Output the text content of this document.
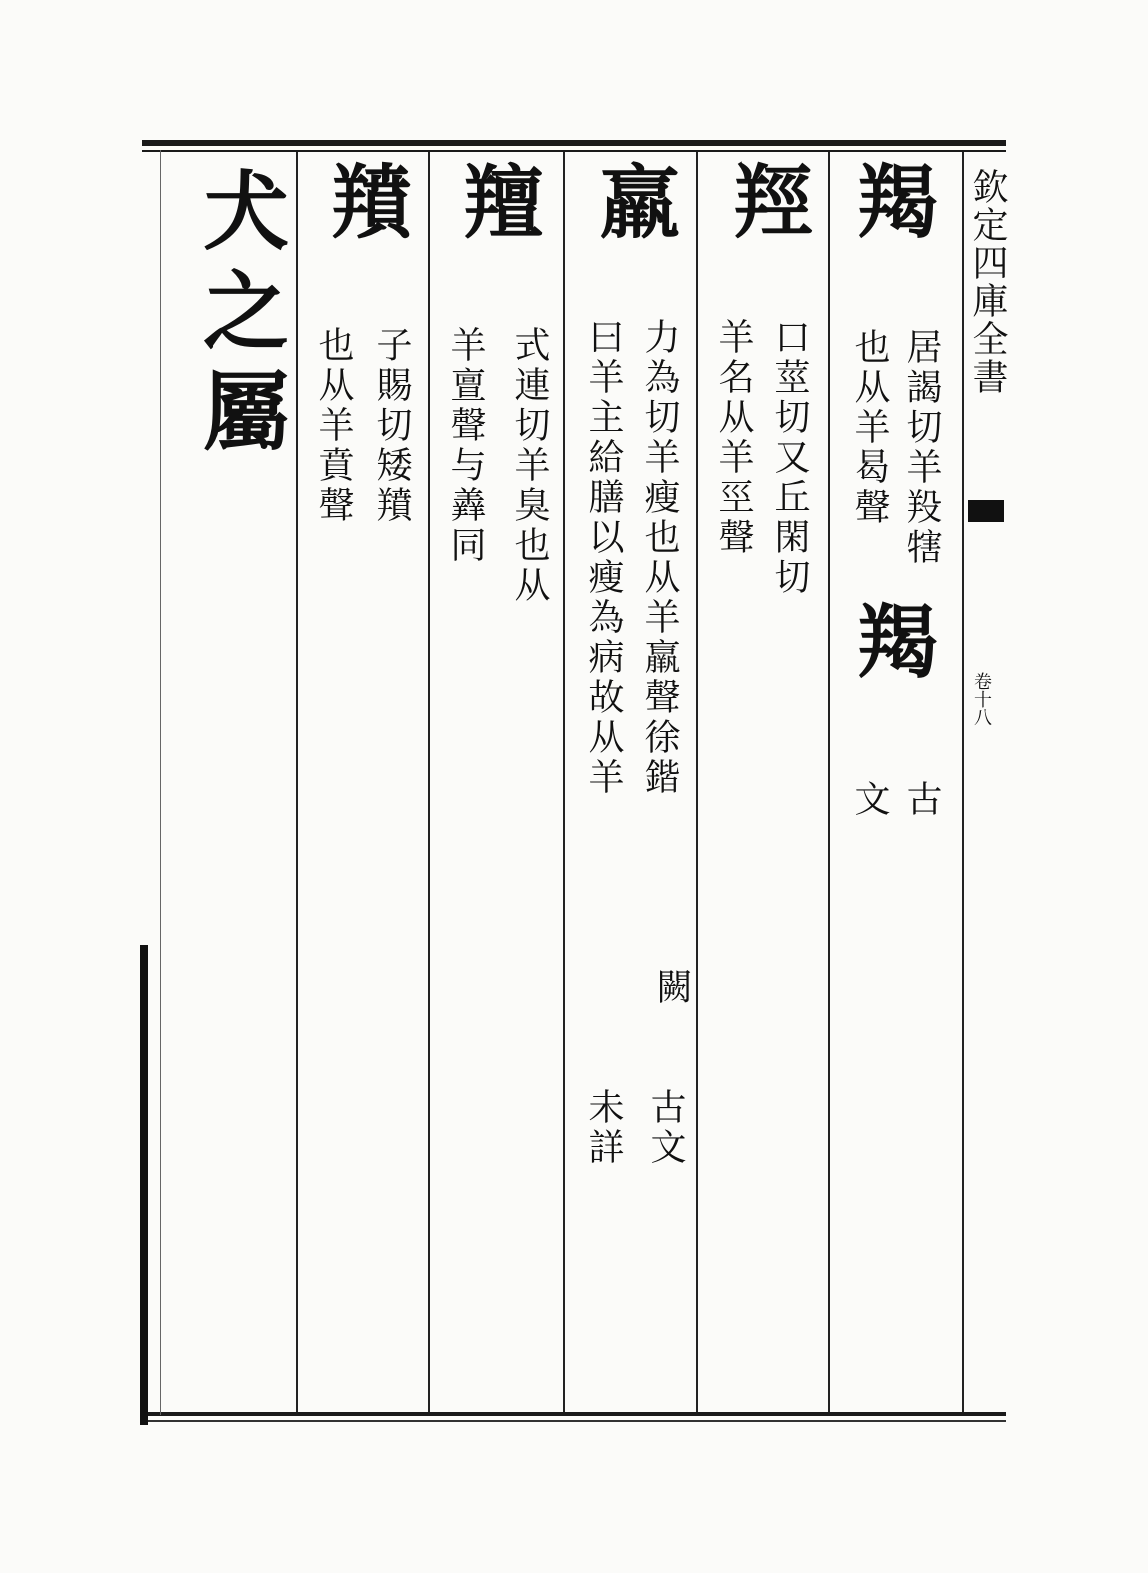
欽定四庫全書
卷十八
羯
居謁切羊羖犗
也从羊曷聲
羯
古
文
羥
口莖切又丘閑切
羊名从羊巠聲
羸
力為切羊瘦也从羊羸聲徐鍇
曰羊主給膳以瘦為病故从羊
闕
古文
未詳
羶
式連切羊臭也从
羊亶聲与羴同
羵
子賜切矮羵
也从羊賁聲
犬之屬
